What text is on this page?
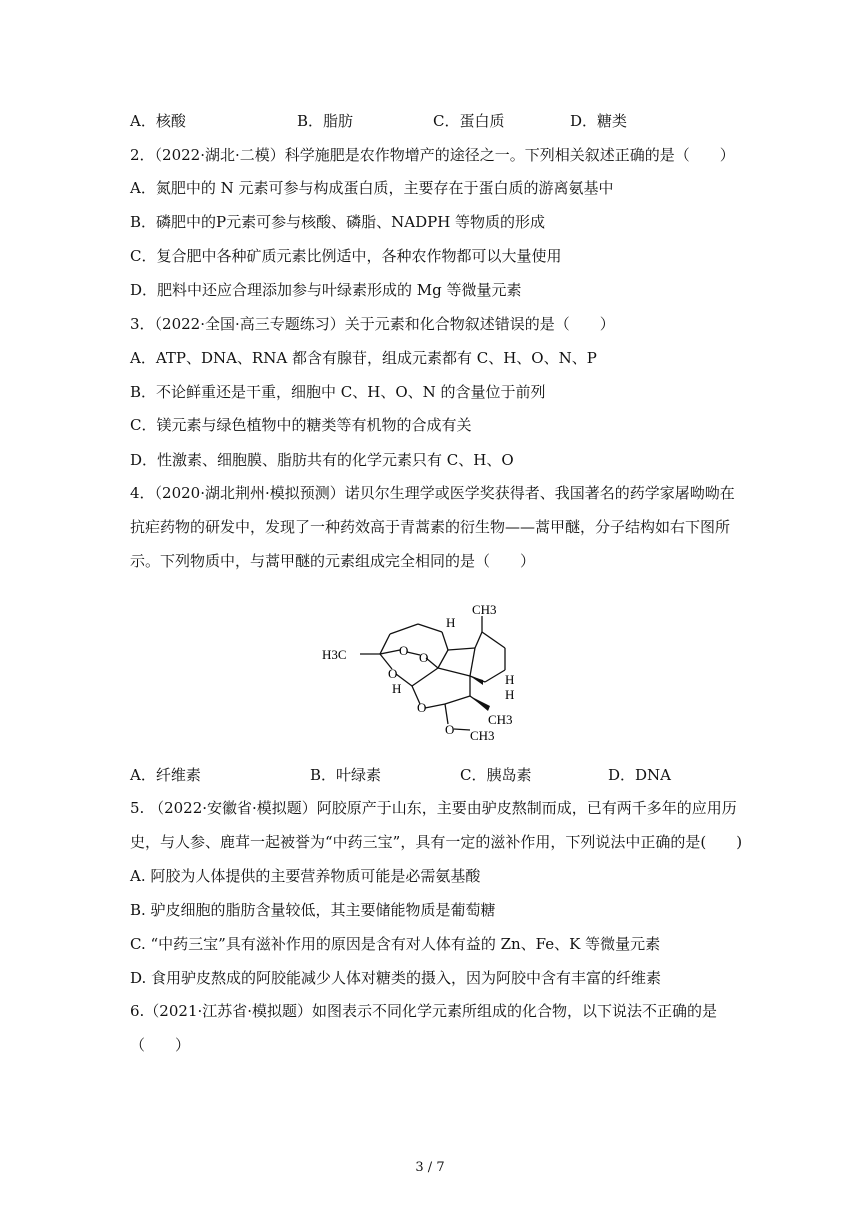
A．核酸	B．脂肪	C．蛋白质	D．糖类
2．（2022·湖北·二模）科学施肥是农作物增产的途径之一。下列相关叙述正确的是（　　）
A．氮肥中的 N 元素可参与构成蛋白质，主要存在于蛋白质的游离氨基中
B．磷肥中的P元素可参与核酸、磷脂、NADPH 等物质的形成
C．复合肥中各种矿质元素比例适中，各种农作物都可以大量使用
D．肥料中还应合理添加参与叶绿素形成的 Mg 等微量元素
3．（2022·全国·高三专题练习）关于元素和化合物叙述错误的是（　　）
A．ATP、DNA、RNA 都含有腺苷，组成元素都有 C、H、O、N、P
B．不论鲜重还是干重，细胞中 C、H、O、N 的含量位于前列
C．镁元素与绿色植物中的糖类等有机物的合成有关
D．性激素、细胞膜、脂肪共有的化学元素只有 C、H、O
4．（2020·湖北荆州·模拟预测）诺贝尔生理学或医学奖获得者、我国著名的药学家屠呦呦在
抗疟药物的研发中，发现了一种药效高于青蒿素的衍生物——蒿甲醚，分子结构如右下图所
示。下列物质中，与蒿甲醚的元素组成完全相同的是（　　）
CH3
H3C	O
O
O
O
O
H
H
H
H
CH3
CH3
A．纤维素	B．叶绿素	C．胰岛素	D．DNA
5. （2022·安徽省·模拟题）阿胶原产于山东，主要由驴皮熬制而成，已有两千多年的应用历
史，与人参、鹿茸一起被誉为“中药三宝”，具有一定的滋补作用，下列说法中正确的是(　　)
A. 阿胶为人体提供的主要营养物质可能是必需氨基酸
B. 驴皮细胞的脂肪含量较低，其主要储能物质是葡萄糖
C. “中药三宝”具有滋补作用的原因是含有对人体有益的 Zn、Fe、K 等微量元素
D. 食用驴皮熬成的阿胶能减少人体对糖类的摄入，因为阿胶中含有丰富的纤维素
6.（2021·江苏省·模拟题）如图表示不同化学元素所组成的化合物，以下说法不正确的是
（　　）
3 / 7
